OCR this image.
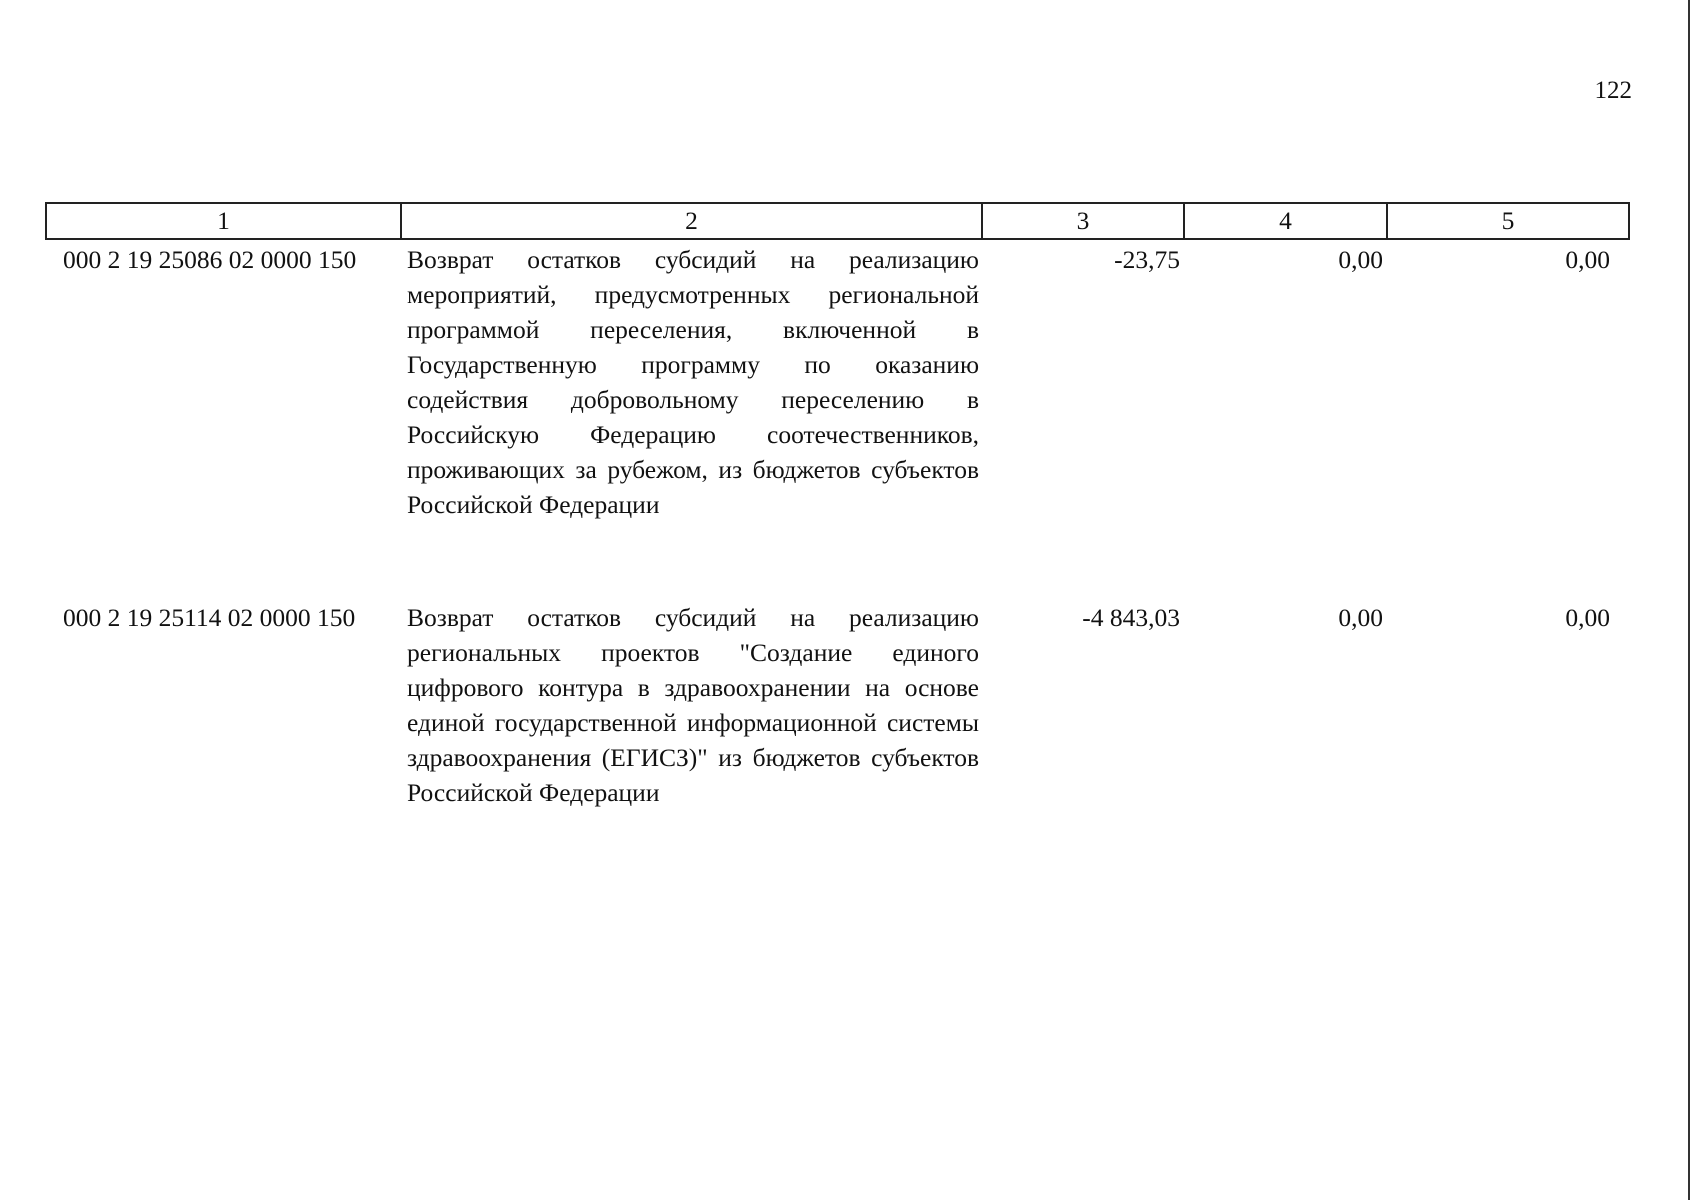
122
1	2	3	4	5
000 2 19 25086 02 0000 150	Возврат остатков субсидий на реализацию мероприятий, предусмотренных региональной программой переселения, включенной в Государственную программу по оказанию содействия добровольному переселению в Российскую Федерацию соотечественников, проживающих за рубежом, из бюджетов субъектов Российской Федерации	-23,75	0,00	0,00
000 2 19 25114 02 0000 150	Возврат остатков субсидий на реализацию региональных проектов "Создание единого цифрового контура в здравоохранении на основе единой государственной информационной системы здравоохранения (ЕГИСЗ)" из бюджетов субъектов Российской Федерации	-4 843,03	0,00	0,00
